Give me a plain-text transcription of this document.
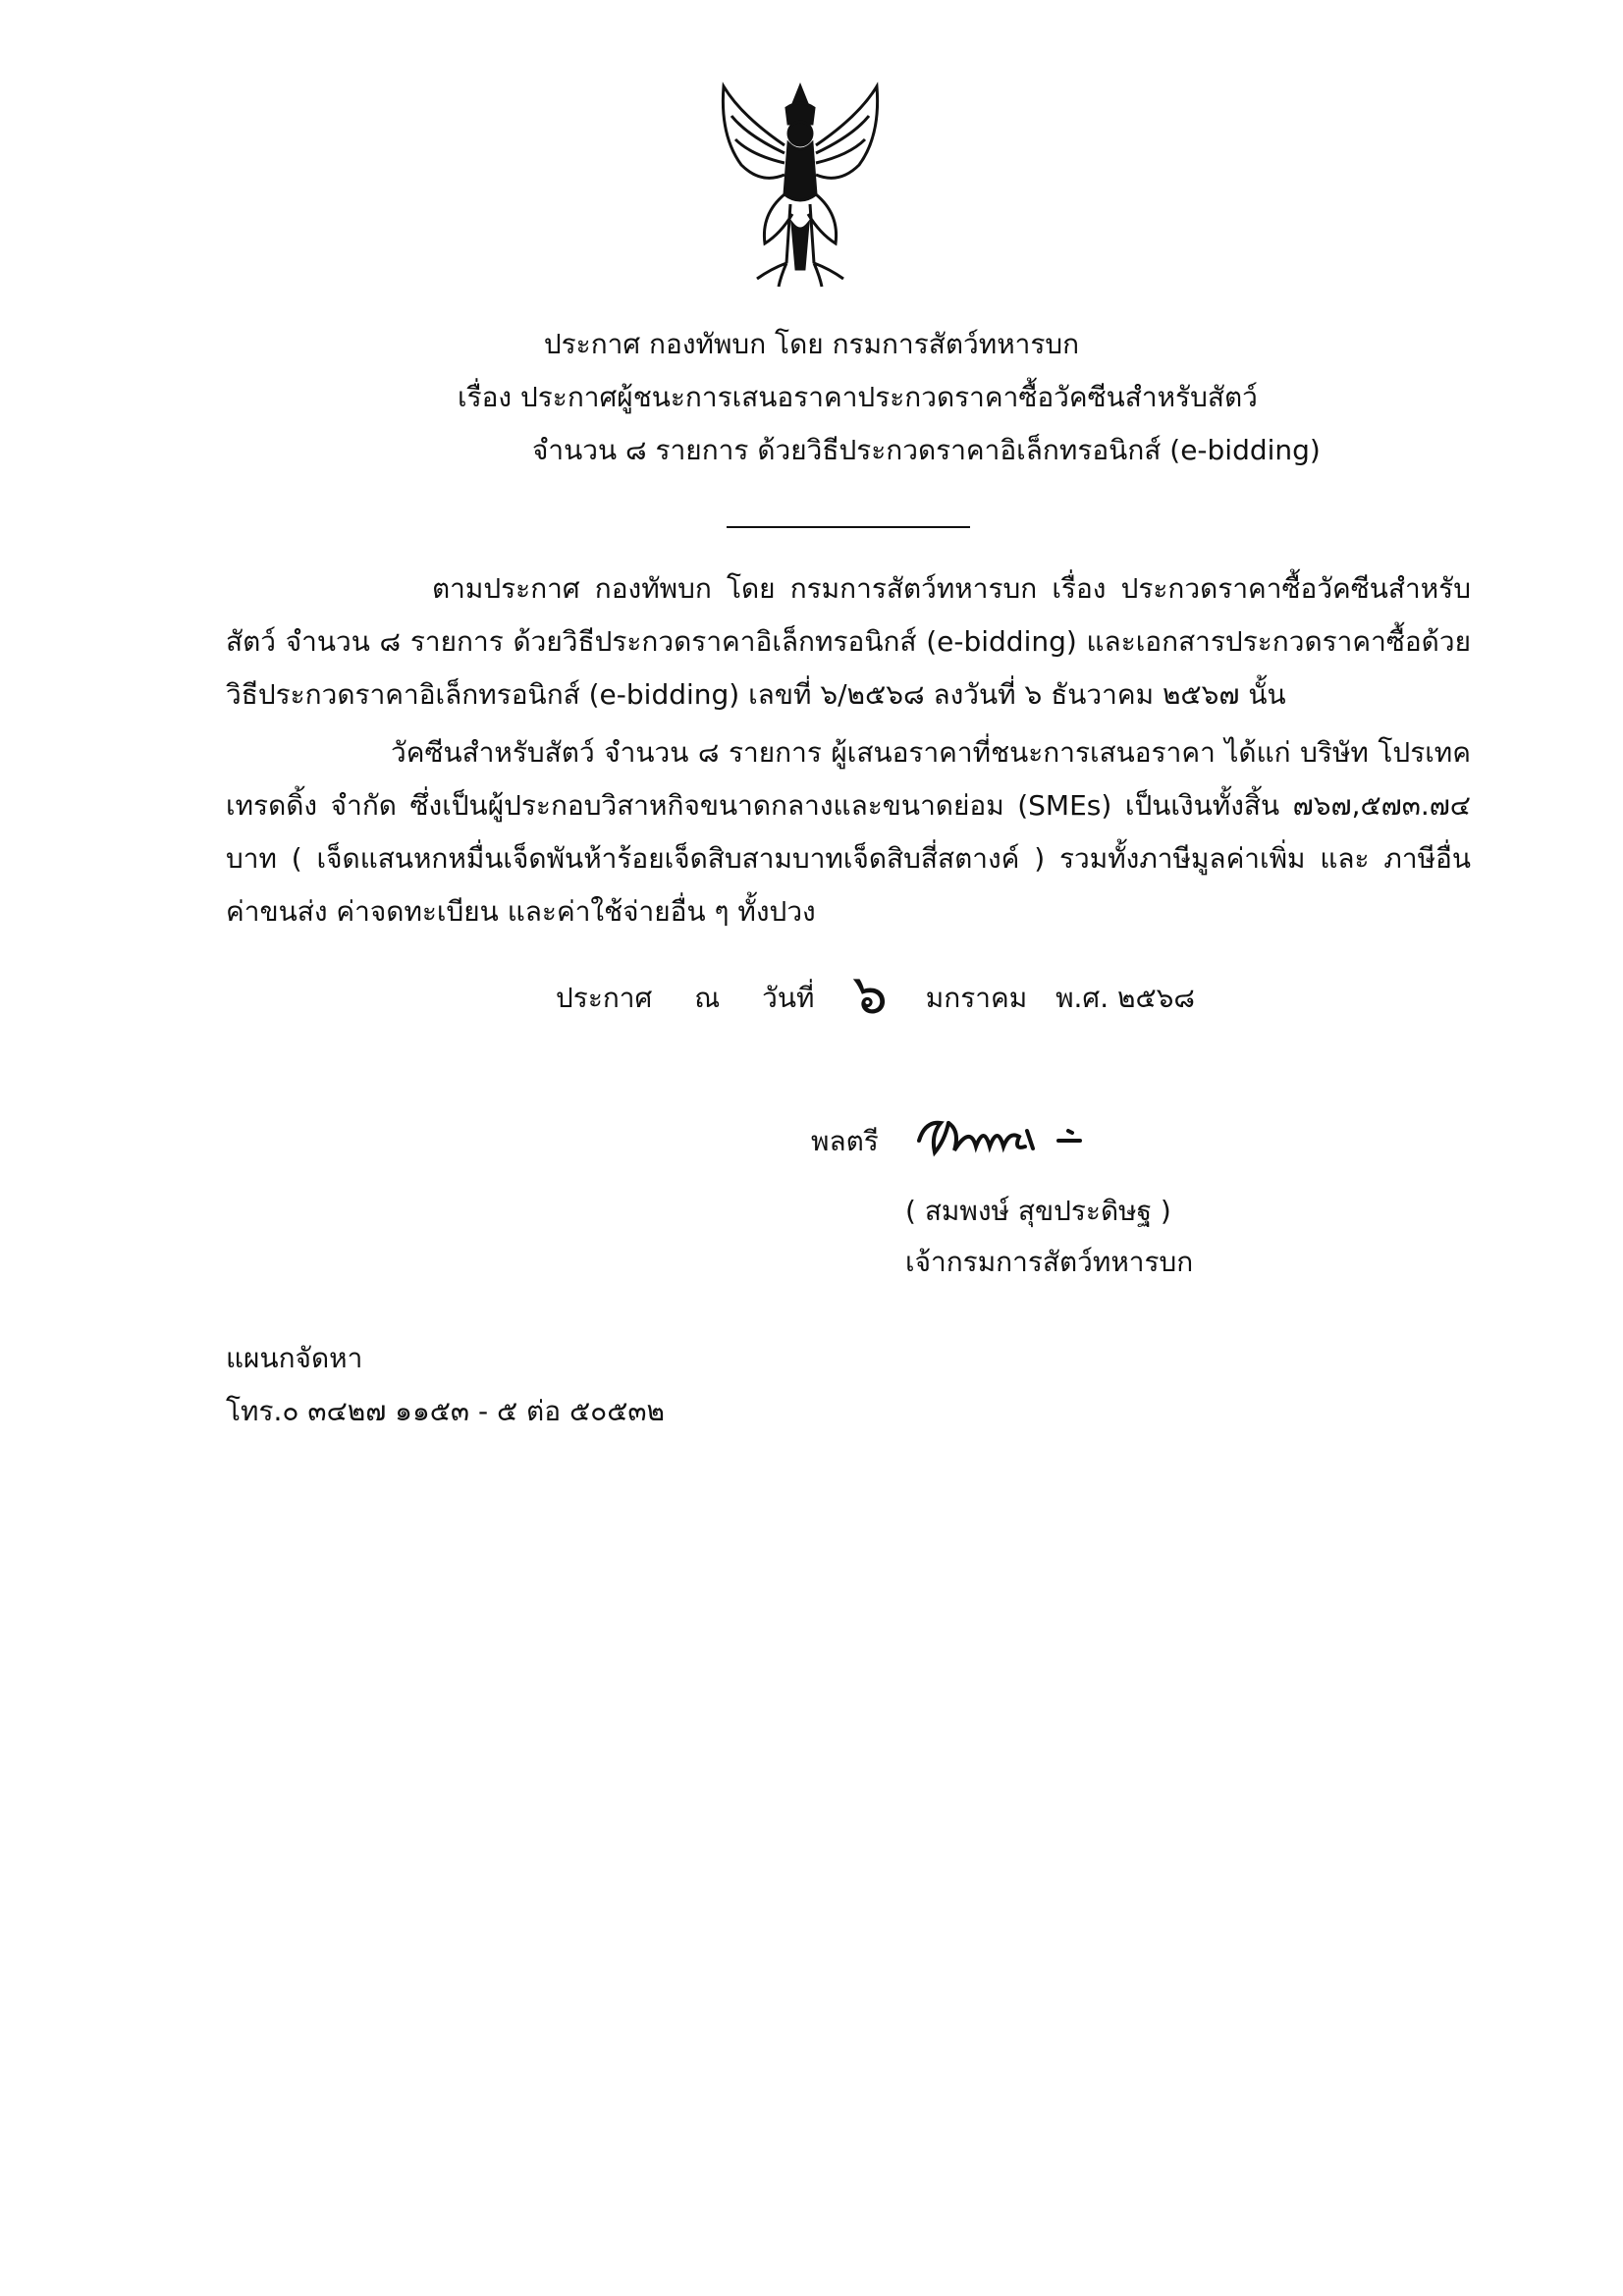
ประกาศ กองทัพบก โดย กรมการสัตว์ทหารบก
เรื่อง ประกาศผู้ชนะการเสนอราคาประกวดราคาซื้อวัคซีนสำหรับสัตว์
จำนวน ๘ รายการ ด้วยวิธีประกวดราคาอิเล็กทรอนิกส์ (e-bidding)
ตามประกาศ กองทัพบก โดย กรมการสัตว์ทหารบก เรื่อง ประกวดราคาซื้อวัคซีนสำหรับสัตว์ จำนวน ๘ รายการ ด้วยวิธีประกวดราคาอิเล็กทรอนิกส์ (e-bidding) และเอกสารประกวดราคาซื้อด้วยวิธีประกวดราคาอิเล็กทรอนิกส์ (e-bidding) เลขที่ ๖/๒๕๖๘ ลงวันที่ ๖ ธันวาคม ๒๕๖๗ นั้น
วัคซีนสำหรับสัตว์ จำนวน ๘ รายการ ผู้เสนอราคาที่ชนะการเสนอราคา ได้แก่ บริษัท โปรเทค เทรดดิ้ง จำกัด ซึ่งเป็นผู้ประกอบวิสาหกิจขนาดกลางและขนาดย่อม (SMEs) เป็นเงินทั้งสิ้น ๗๖๗,๕๗๓.๗๔ บาท ( เจ็ดแสนหกหมื่นเจ็ดพันห้าร้อยเจ็ดสิบสามบาทเจ็ดสิบสี่สตางค์ ) รวมทั้งภาษีมูลค่าเพิ่ม และ ภาษีอื่น ค่าขนส่ง ค่าจดทะเบียน และค่าใช้จ่ายอื่น ๆ ทั้งปวง
ประกาศ ณ วันที่ ๖ มกราคม พ.ศ. ๒๕๖๘
พลตรี
( สมพงษ์ สุขประดิษฐ )
เจ้ากรมการสัตว์ทหารบก
แผนกจัดหา
โทร.๐ ๓๔๒๗ ๑๑๕๓ - ๕ ต่อ ๕๐๕๓๒
